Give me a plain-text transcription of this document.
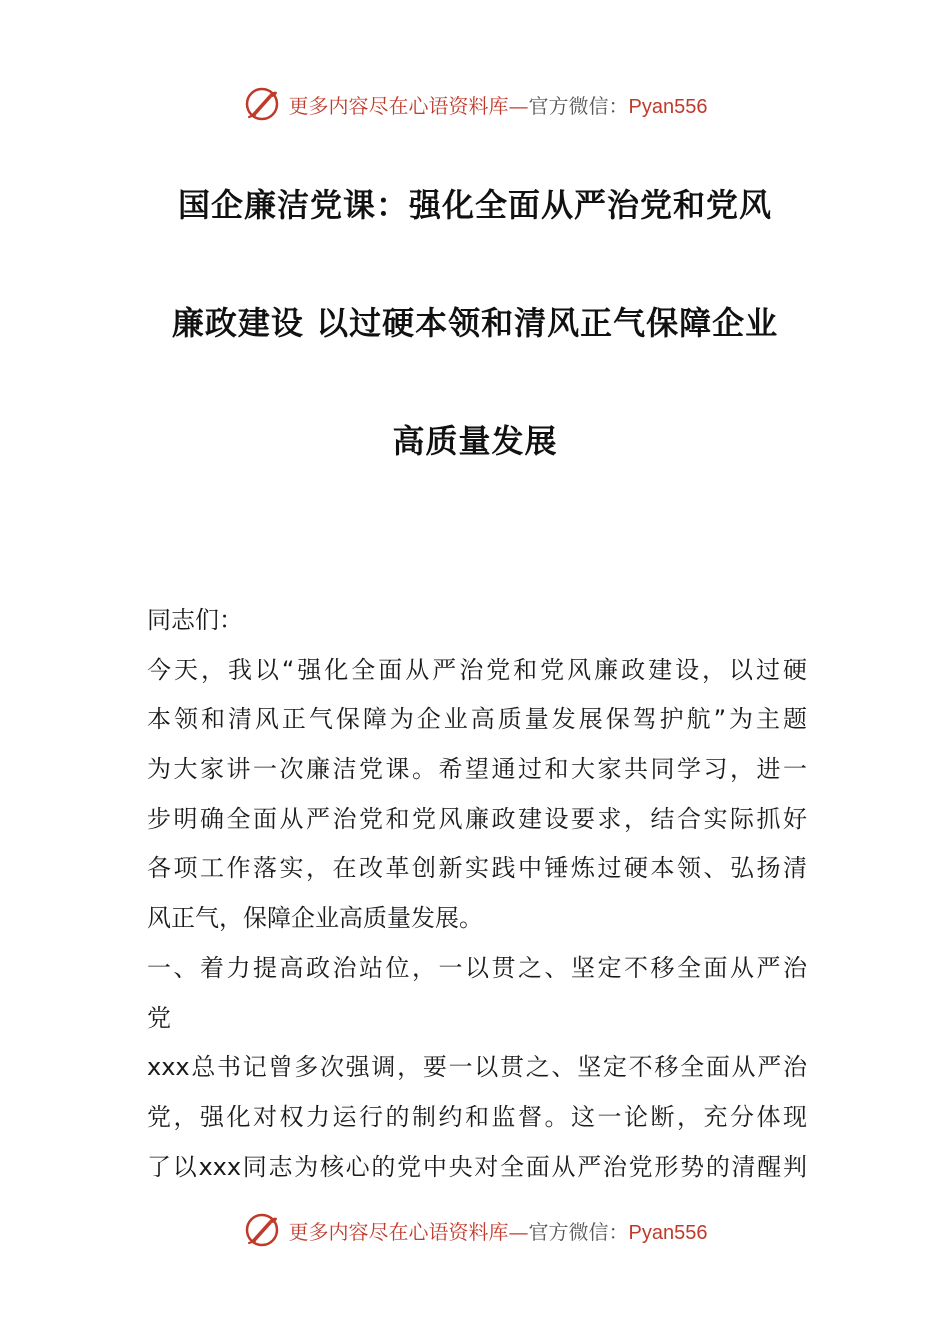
更多内容尽在心语资料库—官方微信：Pyan556
国企廉洁党课：强化全面从严治党和党风
廉政建设 以过硬本领和清风正气保障企业
高质量发展
同志们：
今天，我以“强化全面从严治党和党风廉政建设，以过硬
本领和清风正气保障为企业高质量发展保驾护航”为主题
为大家讲一次廉洁党课。希望通过和大家共同学习，进一
步明确全面从严治党和党风廉政建设要求，结合实际抓好
各项工作落实，在改革创新实践中锤炼过硬本领、弘扬清
风正气，保障企业高质量发展。
一、着力提高政治站位，一以贯之、坚定不移全面从严治
党
xxx总书记曾多次强调，要一以贯之、坚定不移全面从严治
党，强化对权力运行的制约和监督。这一论断，充分体现
了以xxx同志为核心的党中央对全面从严治党形势的清醒判
更多内容尽在心语资料库—官方微信：Pyan556
